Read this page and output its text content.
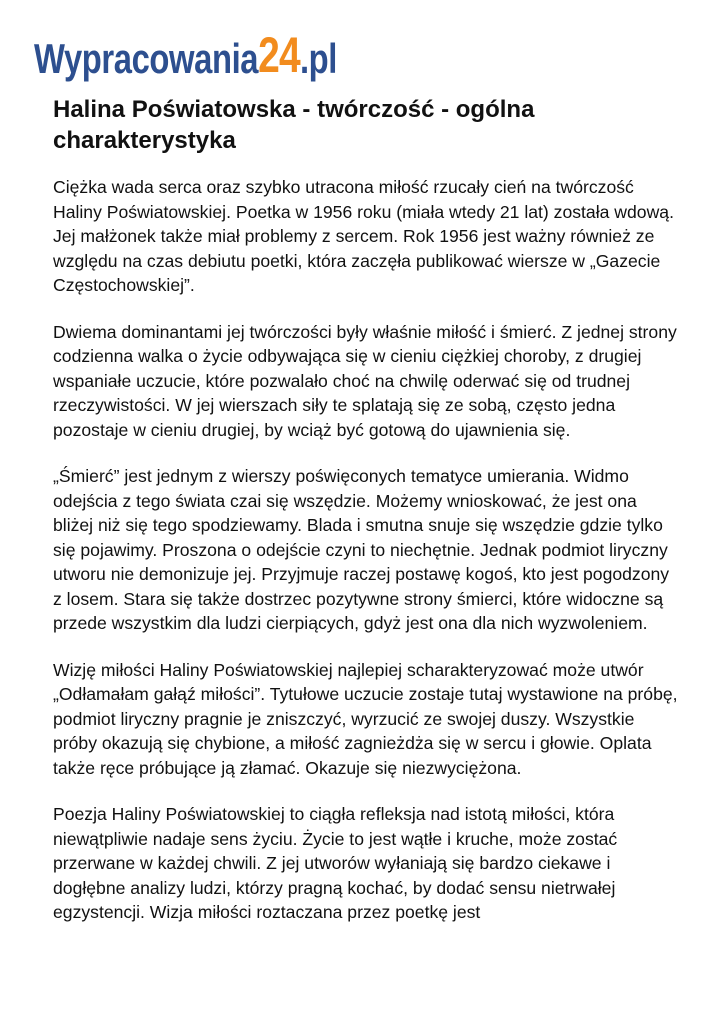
Wypracowania 24 .pl
Halina Poświatowska - twórczość - ogólna charakterystyka

Ciężka wada serca oraz szybko utracona miłość rzucały cień na twórczość Haliny Poświatowskiej. Poetka w 1956 roku (miała wtedy 21 lat) została wdową. Jej małżonek także miał problemy z sercem. Rok 1956 jest ważny również ze względu na czas debiutu poetki, która zaczęła publikować wiersze w „Gazecie Częstochowskiej”.

Dwiema dominantami jej twórczości były właśnie miłość i śmierć. Z jednej strony codzienna walka o życie odbywająca się w cieniu ciężkiej choroby, z drugiej wspaniałe uczucie, które pozwalało choć na chwilę oderwać się od trudnej rzeczywistości. W jej wierszach siły te splatają się ze sobą, często jedna pozostaje w cieniu drugiej, by wciąż być gotową do ujawnienia się.

„Śmierć” jest jednym z wierszy poświęconych tematyce umierania. Widmo odejścia z tego świata czai się wszędzie. Możemy wnioskować, że jest ona bliżej niż się tego spodziewamy. Blada i smutna snuje się wszędzie gdzie tylko się pojawimy. Proszona o odejście czyni to niechętnie. Jednak podmiot liryczny utworu nie demonizuje jej. Przyjmuje raczej postawę kogoś, kto jest pogodzony z losem. Stara się także dostrzec pozytywne strony śmierci, które widoczne są przede wszystkim dla ludzi cierpiących, gdyż jest ona dla nich wyzwoleniem.

Wizję miłości Haliny Poświatowskiej najlepiej scharakteryzować może utwór „Odłamałam gałąź miłości”. Tytułowe uczucie zostaje tutaj wystawione na próbę, podmiot liryczny pragnie je zniszczyć, wyrzucić ze swojej duszy. Wszystkie próby okazują się chybione, a miłość zagnieżdża się w sercu i głowie. Oplata także ręce próbujące ją złamać. Okazuje się niezwyciężona.

Poezja Haliny Poświatowskiej to ciągła refleksja nad istotą miłości, która niewątpliwie nadaje sens życiu. Życie to jest wątłe i kruche, może zostać przerwane w każdej chwili. Z jej utworów wyłaniają się bardzo ciekawe i dogłębne analizy ludzi, którzy pragną kochać, by dodać sensu nietrwałej egzystencji. Wizja miłości roztaczana przez poetkę jest
